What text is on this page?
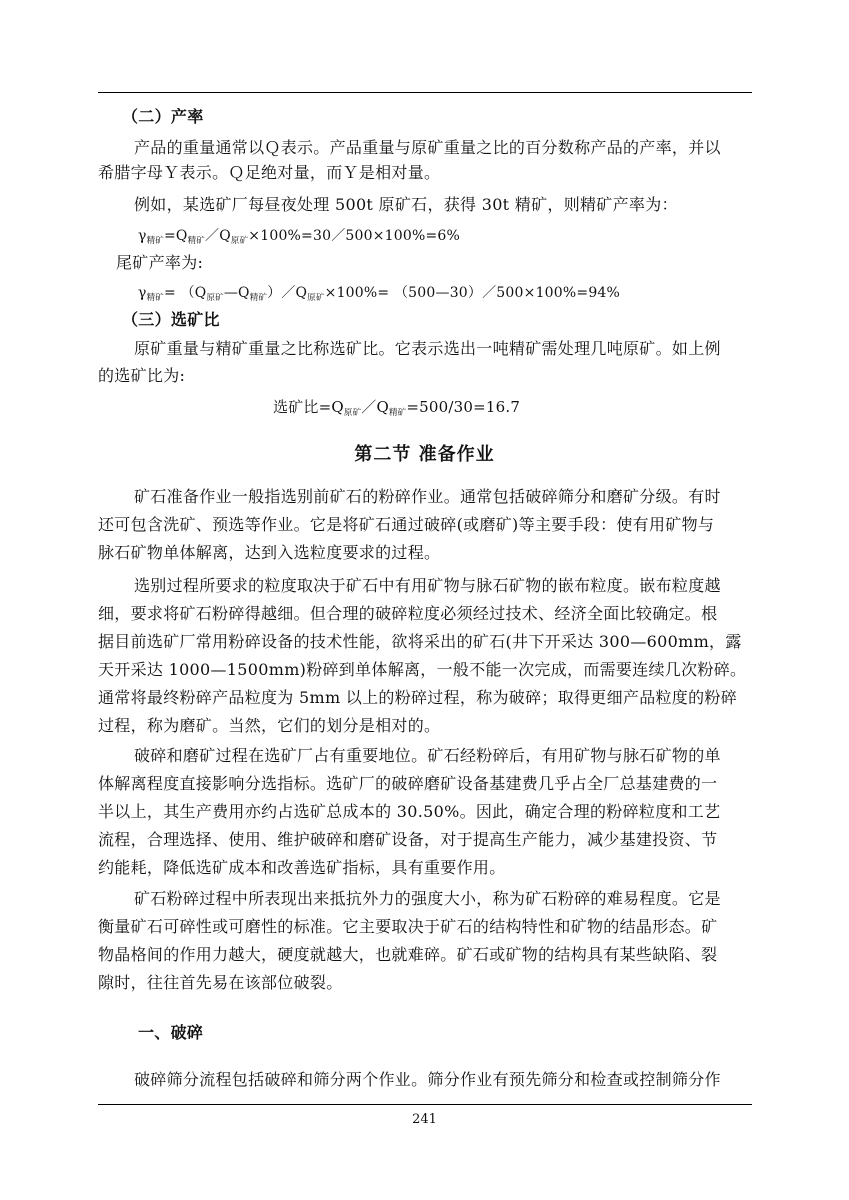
（二）产率
产品的重量通常以Ｑ表示。产品重量与原矿重量之比的百分数称产品的产率，并以
希腊字母Ｙ表示。Ｑ足绝对量，而Ｙ是相对量。
例如，某选矿厂每昼夜处理 500t 原矿石，获得 30t 精矿，则精矿产率为：
$\gamma_{精矿}=Q_{精矿}/Q_{原矿}\times 100\%=30/500\times 100\%=6\%$
尾矿产率为:
$\gamma_{精矿}=$ $(Q_{原矿}—Q_{精矿})/Q_{原矿}\times 100\%=$ （500—30）／500×100%=94%
（三）选矿比
原矿重量与精矿重量之比称选矿比。它表示选出一吨精矿需处理几吨原矿。如上例
的选矿比为:
选矿比$=Q_{原矿}/Q_{精矿}=500/30=16.7$
第二节 准备作业
矿石准备作业一般指选别前矿石的粉碎作业。通常包括破碎筛分和磨矿分级。有时
还可包含洗矿、预选等作业。它是将矿石通过破碎(或磨矿)等主要手段：使有用矿物与
脉石矿物单体解离，达到入选粒度要求的过程。
选别过程所要求的粒度取决于矿石中有用矿物与脉石矿物的嵌布粒度。嵌布粒度越
细，要求将矿石粉碎得越细。但合理的破碎粒度必须经过技术、经济全面比较确定。根
据目前选矿厂常用粉碎设备的技术性能，欲将采出的矿石(井下开采达 300—600mm，露
天开采达 1000—1500mm)粉碎到单体解离，一般不能一次完成，而需要连续几次粉碎。
通常将最终粉碎产品粒度为 5mm 以上的粉碎过程，称为破碎；取得更细产品粒度的粉碎
过程，称为磨矿。当然，它们的划分是相对的。
破碎和磨矿过程在选矿厂占有重要地位。矿石经粉碎后，有用矿物与脉石矿物的单
体解离程度直接影响分选指标。选矿厂的破碎磨矿设备基建费几乎占全厂总基建费的一
半以上，其生产费用亦约占选矿总成本的 30.50%。因此，确定合理的粉碎粒度和工艺
流程，合理选择、使用、维护破碎和磨矿设备，对于提高生产能力，减少基建投资、节
约能耗，降低选矿成本和改善选矿指标，具有重要作用。
矿石粉碎过程中所表现出来抵抗外力的强度大小，称为矿石粉碎的难易程度。它是
衡量矿石可碎性或可磨性的标准。它主要取决于矿石的结构特性和矿物的结晶形态。矿
物晶格间的作用力越大，硬度就越大，也就难碎。矿石或矿物的结构具有某些缺陷、裂
隙时，往往首先易在该部位破裂。
一、破碎
破碎筛分流程包括破碎和筛分两个作业。筛分作业有预先筛分和检查或控制筛分作
241
